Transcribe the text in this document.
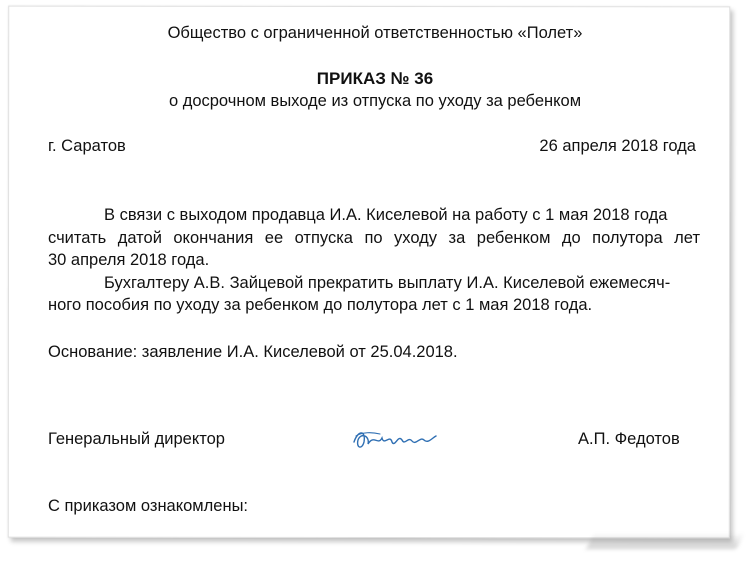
Общество с ограниченной ответственностью «Полет»
ПРИКАЗ № 36
о досрочном выходе из отпуска по уходу за ребенком
г. Саратов	26 апреля 2018 года
В связи с выходом продавца И.А. Киселевой на работу с 1 мая 2018 года
считать датой окончания ее отпуска по уходу за ребенком до полутора лет
30 апреля 2018 года.
Бухгалтеру А.В. Зайцевой прекратить выплату И.А. Киселевой ежемесяч-
ного пособия по уходу за ребенком до полутора лет с 1 мая 2018 года.
Основание: заявление И.А. Киселевой от 25.04.2018.
Генеральный директор	А.П. Федотов
С приказом ознакомлены:
